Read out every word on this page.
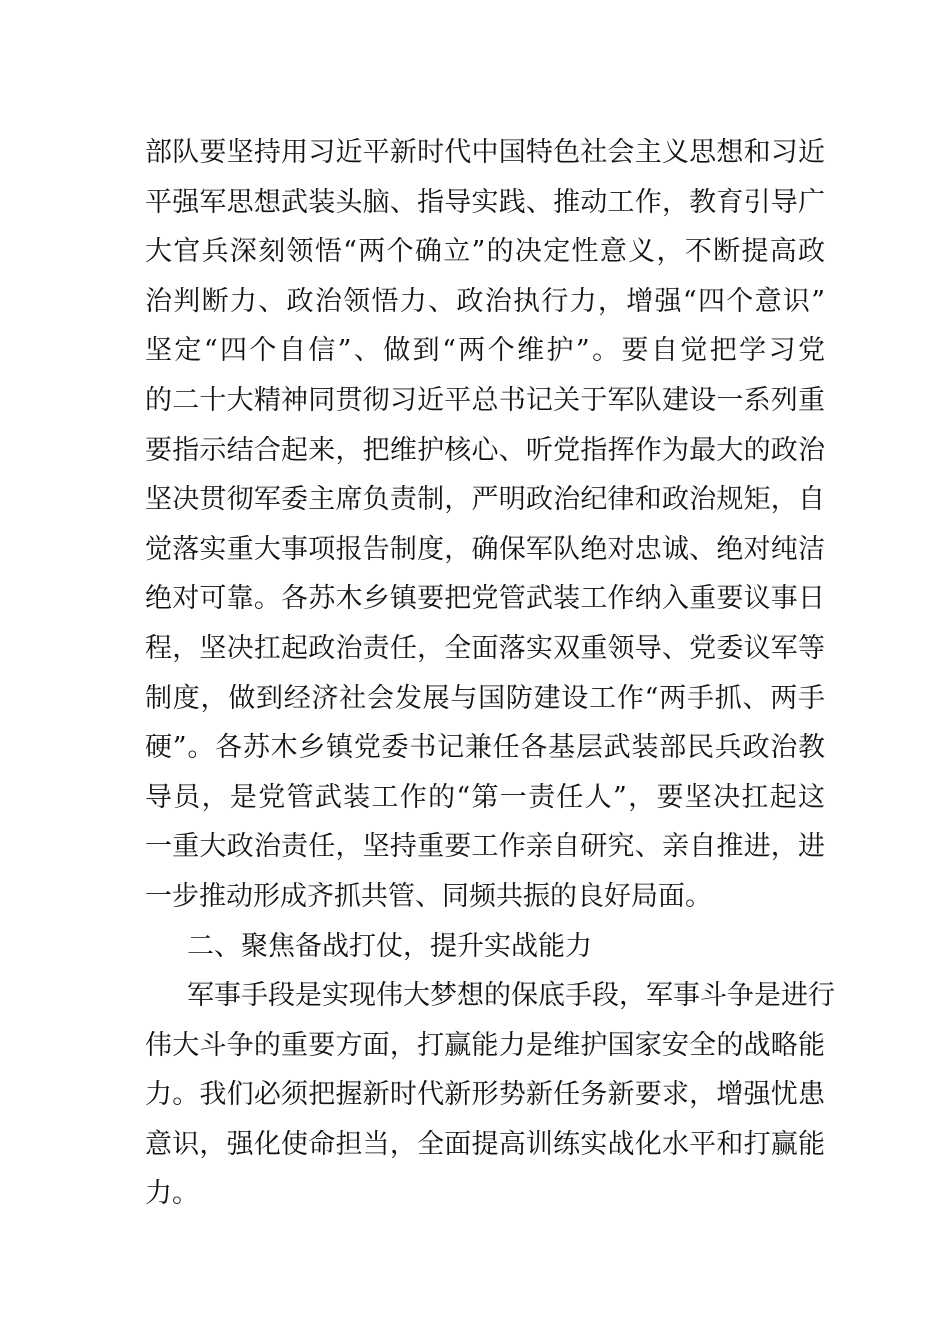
部队要坚持用习近平新时代中国特色社会主义思想和习近
平强军思想武装头脑、指导实践、推动工作，教育引导广
大官兵深刻领悟“两个确立”的决定性意义，不断提高政
治判断力、政治领悟力、政治执行力，增强“四个意识”
坚定“四个自信”、做到“两个维护”。要自觉把学习党
的二十大精神同贯彻习近平总书记关于军队建设一系列重
要指示结合起来，把维护核心、听党指挥作为最大的政治
坚决贯彻军委主席负责制，严明政治纪律和政治规矩，自
觉落实重大事项报告制度，确保军队绝对忠诚、绝对纯洁
绝对可靠。各苏木乡镇要把党管武装工作纳入重要议事日
程，坚决扛起政治责任，全面落实双重领导、党委议军等
制度，做到经济社会发展与国防建设工作“两手抓、两手
硬”。各苏木乡镇党委书记兼任各基层武装部民兵政治教
导员，是党管武装工作的“第一责任人”，要坚决扛起这
一重大政治责任，坚持重要工作亲自研究、亲自推进，进
一步推动形成齐抓共管、同频共振的良好局面。
二、聚焦备战打仗，提升实战能力
军事手段是实现伟大梦想的保底手段，军事斗争是进行
伟大斗争的重要方面，打赢能力是维护国家安全的战略能
力。我们必须把握新时代新形势新任务新要求，增强忧患
意识，强化使命担当，全面提高训练实战化水平和打赢能
力。
